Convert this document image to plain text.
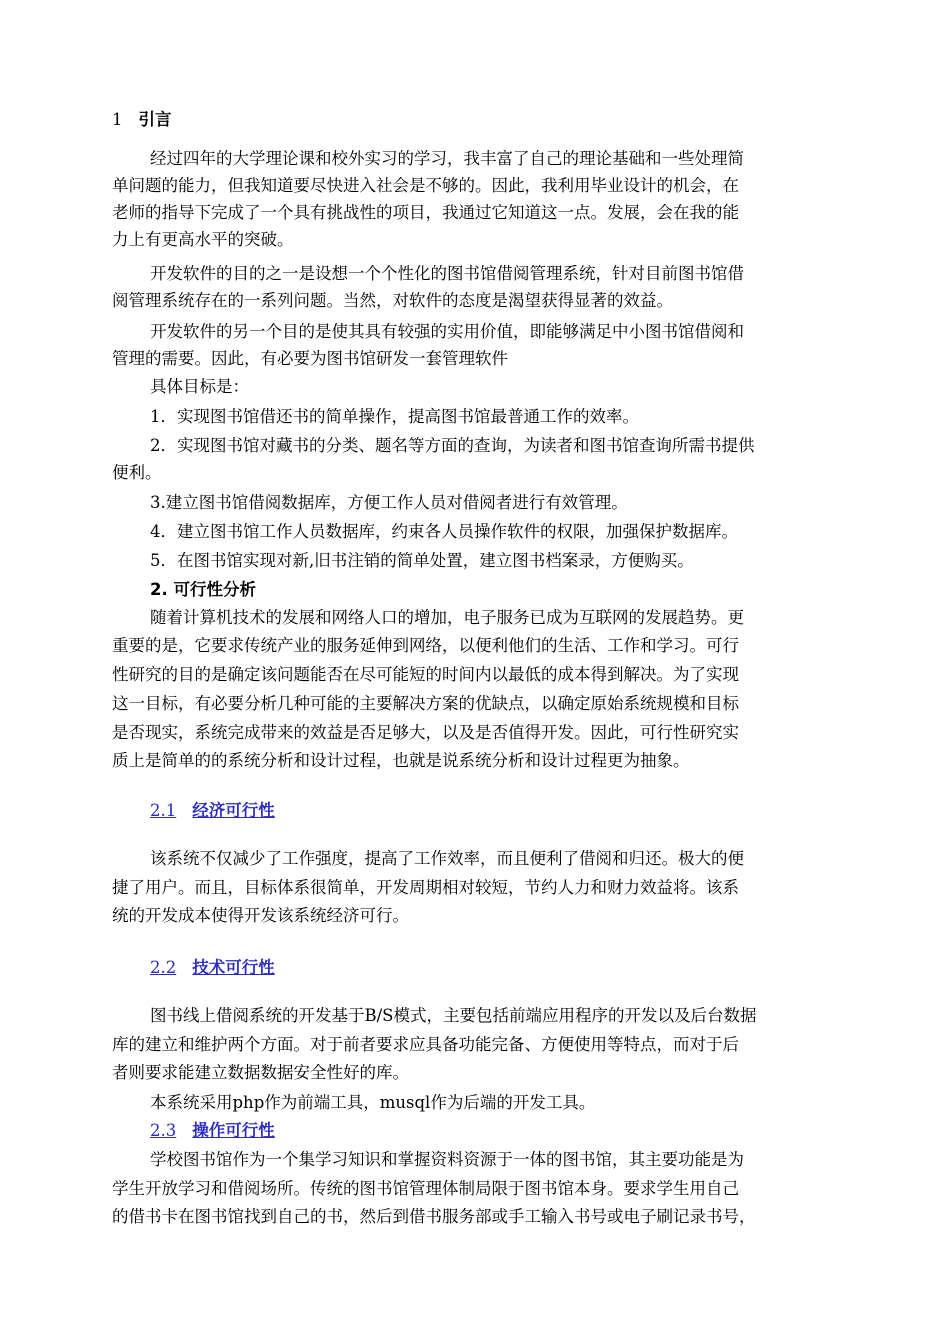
1 引言
经过四年的大学理论课和校外实习的学习，我丰富了自己的理论基础和一些处理简
单问题的能力，但我知道要尽快进入社会是不够的。因此，我利用毕业设计的机会，在
老师的指导下完成了一个具有挑战性的项目，我通过它知道这一点。发展，会在我的能
力上有更高水平的突破。
开发软件的目的之一是设想一个个性化的图书馆借阅管理系统，针对目前图书馆借
阅管理系统存在的一系列问题。当然，对软件的态度是渴望获得显著的效益。
开发软件的另一个目的是使其具有较强的实用价值，即能够满足中小图书馆借阅和
管理的需要。因此，有必要为图书馆研发一套管理软件
具体目标是：
1．实现图书馆借还书的简单操作，提高图书馆最普通工作的效率。
2．实现图书馆对藏书的分类、题名等方面的查询，为读者和图书馆查询所需书提供
便利。
3.建立图书馆借阅数据库，方便工作人员对借阅者进行有效管理。
4．建立图书馆工作人员数据库，约束各人员操作软件的权限，加强保护数据库。
5．在图书馆实现对新,旧书注销的简单处置，建立图书档案录，方便购买。
2. 可行性分析
随着计算机技术的发展和网络人口的增加，电子服务已成为互联网的发展趋势。更
重要的是，它要求传统产业的服务延伸到网络，以便利他们的生活、工作和学习。可行
性研究的目的是确定该问题能否在尽可能短的时间内以最低的成本得到解决。为了实现
这一目标，有必要分析几种可能的主要解决方案的优缺点，以确定原始系统规模和目标
是否现实，系统完成带来的效益是否足够大，以及是否值得开发。因此，可行性研究实
质上是简单的的系统分析和设计过程，也就是说系统分析和设计过程更为抽象。
2.1 经济可行性
该系统不仅减少了工作强度，提高了工作效率，而且便利了借阅和归还。极大的便
捷了用户。而且，目标体系很简单，开发周期相对较短，节约人力和财力效益将。该系
统的开发成本使得开发该系统经济可行。
2.2 技术可行性
图书线上借阅系统的开发基于B/S模式，主要包括前端应用程序的开发以及后台数据
库的建立和维护两个方面。对于前者要求应具备功能完备、方便使用等特点，而对于后
者则要求能建立数据数据安全性好的库。
本系统采用php作为前端工具，musql作为后端的开发工具。
2.3 操作可行性
学校图书馆作为一个集学习知识和掌握资料资源于一体的图书馆，其主要功能是为
学生开放学习和借阅场所。传统的图书馆管理体制局限于图书馆本身。要求学生用自己
的借书卡在图书馆找到自己的书，然后到借书服务部或手工输入书号或电子刷记录书号，
